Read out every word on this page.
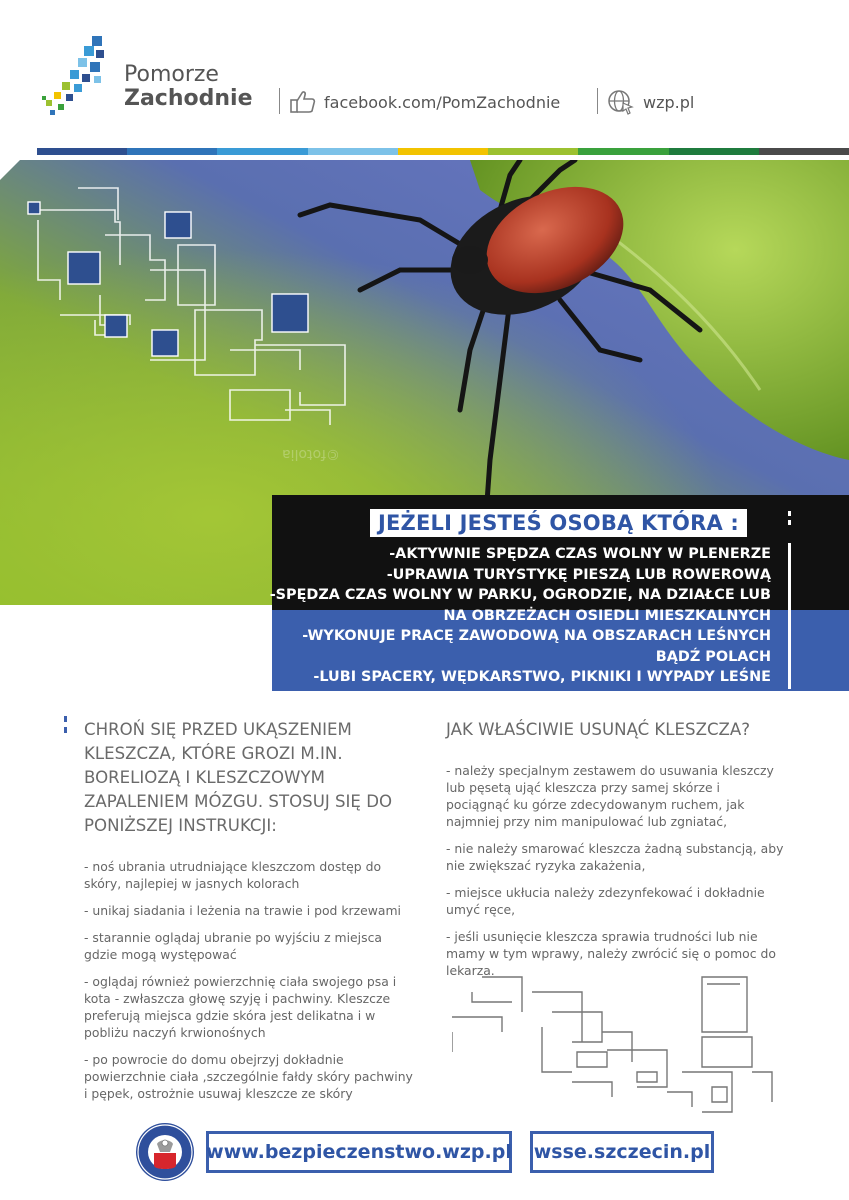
Pomorze
Zachodnie	facebook.com/PomZachodnie	wzp.pl
©fotolia
JEŻELI JESTEŚ OSOBĄ KTÓRA :
-AKTYWNIE SPĘDZA CZAS WOLNY W PLENERZE
-UPRAWIA TURYSTYKĘ PIESZĄ LUB ROWEROWĄ
-SPĘDZA CZAS WOLNY W PARKU, OGRODZIE, NA DZIAŁCE LUB
NA OBRZEŻACH OSIEDLI MIESZKALNYCH
-WYKONUJE PRACĘ ZAWODOWĄ NA OBSZARACH LEŚNYCH
BĄDŹ POLACH
-LUBI SPACERY, WĘDKARSTWO, PIKNIKI I WYPADY LEŚNE

CHROŃ SIĘ PRZED UKĄSZENIEM KLESZCZA, KTÓRE GROZI M.IN. BORELIOZĄ I KLESZCZOWYM ZAPALENIEM MÓZGU. STOSUJ SIĘ DO PONIŻSZEJ INSTRUKCJI:

- noś ubrania utrudniające kleszczom dostęp do skóry, najlepiej w jasnych kolorach

- unikaj siadania i leżenia na trawie i pod krzewami

- starannie oglądaj ubranie po wyjściu z miejsca gdzie mogą występować

- oglądaj również powierzchnię ciała swojego psa i kota - zwłaszcza głowę szyję i pachwiny. Kleszcze preferują miejsca gdzie skóra jest delikatna i w pobliżu naczyń krwionośnych

- po powrocie do domu obejrzyj dokładnie powierzchnie ciała ,szczególnie fałdy skóry pachwiny i pępek, ostrożnie usuwaj kleszcze ze skóry

JAK WŁAŚCIWIE USUNĄĆ KLESZCZA?

- należy specjalnym zestawem do usuwania kleszczy lub pęsetą ująć kleszcza przy samej skórze i pociągnąć ku górze zdecydowanym ruchem, jak najmniej przy nim manipulować lub zgniatać,

- nie należy smarować kleszcza żadną substancją, aby nie zwiększać ryzyka zakażenia,

- miejsce ukłucia należy zdezynfekować i dokładnie umyć ręce,

- jeśli usunięcie kleszcza sprawia trudności lub nie mamy w tym wprawy, należy zwrócić się o pomoc do lekarza.

www.bezpieczenstwo.wzp.pl wsse.szczecin.pl
